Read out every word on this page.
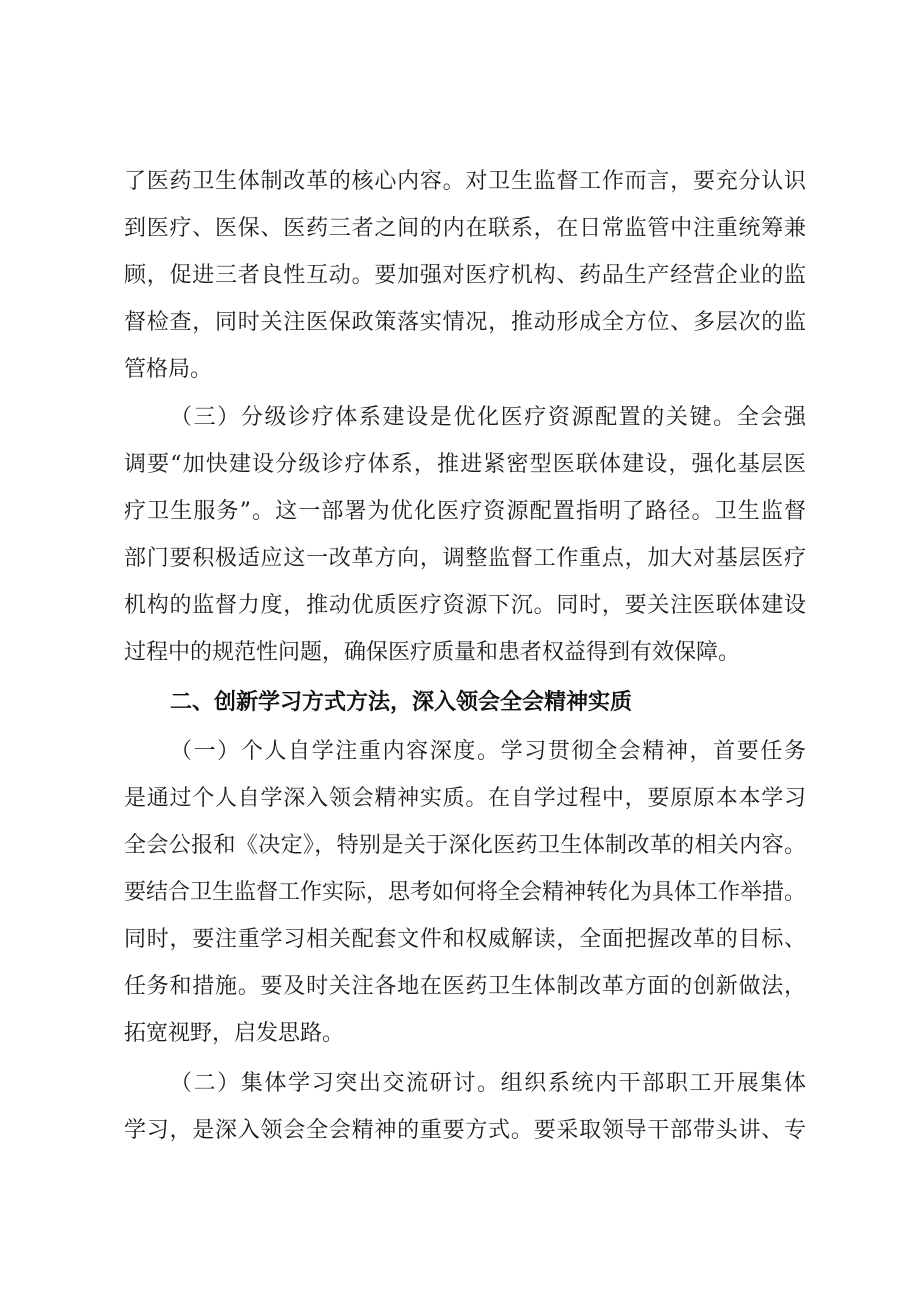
了医药卫生体制改革的核心内容。对卫生监督工作而言，要充分认识
到医疗、医保、医药三者之间的内在联系，在日常监管中注重统筹兼
顾，促进三者良性互动。要加强对医疗机构、药品生产经营企业的监
督检查，同时关注医保政策落实情况，推动形成全方位、多层次的监
管格局。
（三）分级诊疗体系建设是优化医疗资源配置的关键。全会强
调要“加快建设分级诊疗体系，推进紧密型医联体建设，强化基层医
疗卫生服务”。这一部署为优化医疗资源配置指明了路径。卫生监督
部门要积极适应这一改革方向，调整监督工作重点，加大对基层医疗
机构的监督力度，推动优质医疗资源下沉。同时，要关注医联体建设
过程中的规范性问题，确保医疗质量和患者权益得到有效保障。
二、创新学习方式方法，深入领会全会精神实质
（一）个人自学注重内容深度。学习贯彻全会精神，首要任务
是通过个人自学深入领会精神实质。在自学过程中，要原原本本学习
全会公报和《决定》，特别是关于深化医药卫生体制改革的相关内容。
要结合卫生监督工作实际，思考如何将全会精神转化为具体工作举措。
同时，要注重学习相关配套文件和权威解读，全面把握改革的目标、
任务和措施。要及时关注各地在医药卫生体制改革方面的创新做法，
拓宽视野，启发思路。
（二）集体学习突出交流研讨。组织系统内干部职工开展集体
学习，是深入领会全会精神的重要方式。要采取领导干部带头讲、专
